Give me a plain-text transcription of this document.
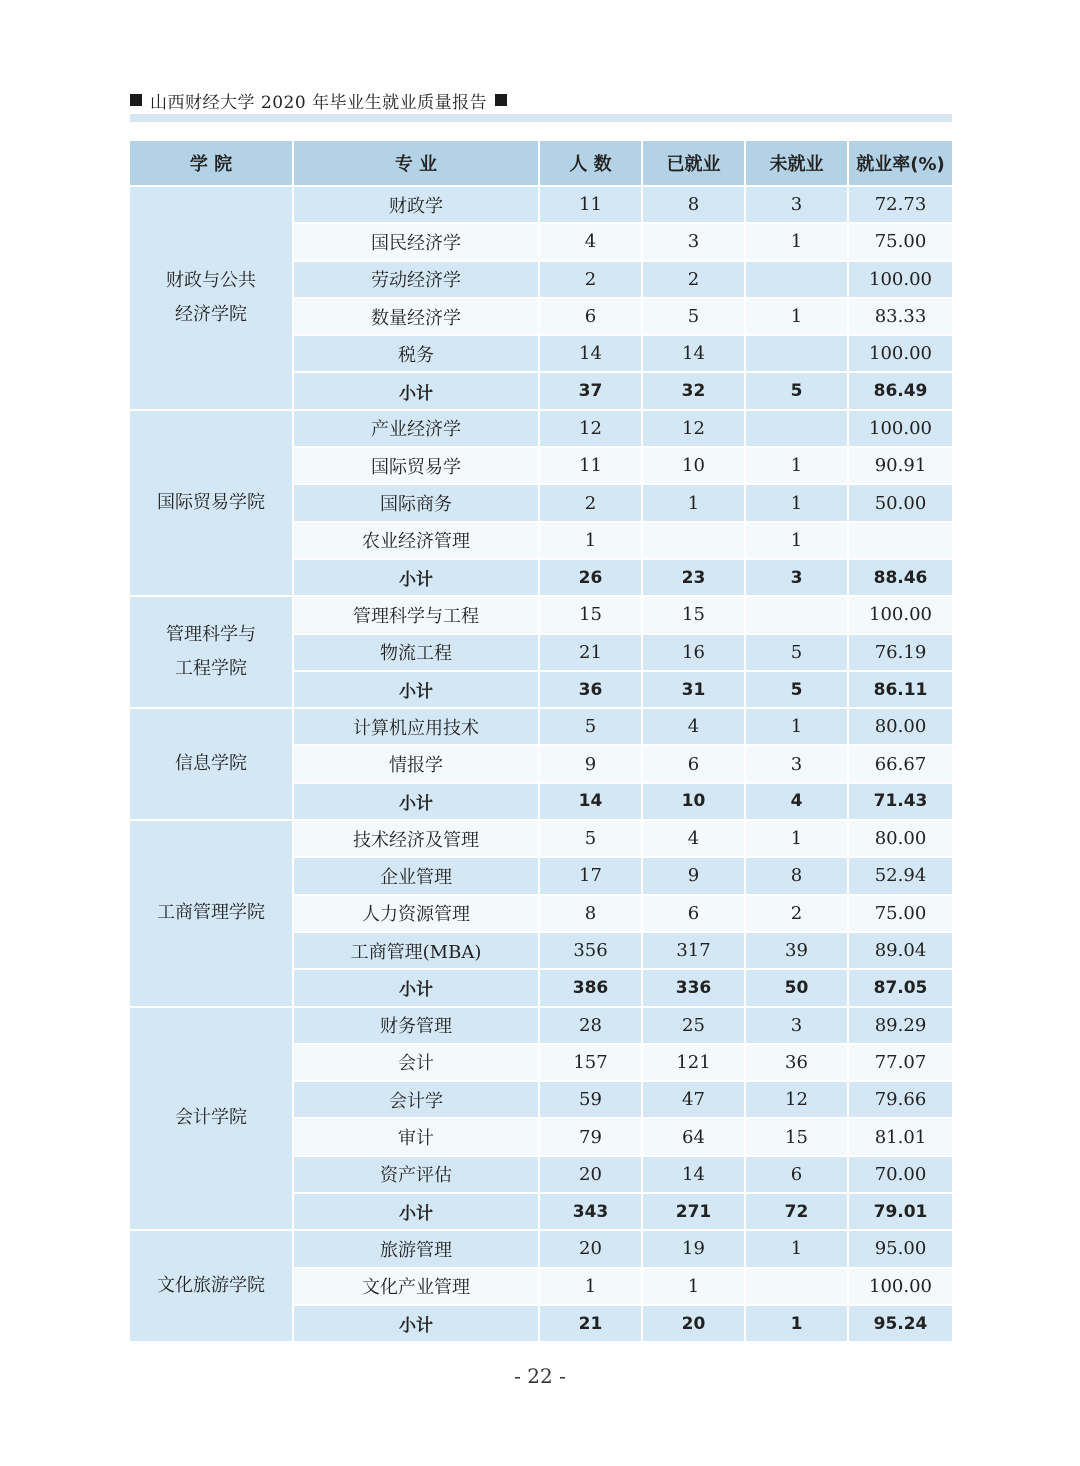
山西财经大学 2020 年毕业生就业质量报告
学 院	专 业	人 数	已就业	未就业	就业率(%)

财政与公共
经济学院	财政学	11	8	3	72.73
	国民经济学	4	3	1	75.00
	劳动经济学	2	2		100.00
	数量经济学	6	5	1	83.33
	税务	14	14		100.00
	小计	37	32	5	86.49

国际贸易学院	产业经济学	12	12		100.00
	国际贸易学	11	10	1	90.91
	国际商务	2	1	1	50.00
	农业经济管理	1		1	
	小计	26	23	3	88.46

管理科学与
工程学院	管理科学与工程	15	15		100.00
	物流工程	21	16	5	76.19
	小计	36	31	5	86.11

信息学院	计算机应用技术	5	4	1	80.00
	情报学	9	6	3	66.67
	小计	14	10	4	71.43

工商管理学院	技术经济及管理	5	4	1	80.00
	企业管理	17	9	8	52.94
	人力资源管理	8	6	2	75.00
	工商管理(MBA)	356	317	39	89.04
	小计	386	336	50	87.05

会计学院	财务管理	28	25	3	89.29
	会计	157	121	36	77.07
	会计学	59	47	12	79.66
	审计	79	64	15	81.01
	资产评估	20	14	6	70.00
	小计	343	271	72	79.01

文化旅游学院	旅游管理	20	19	1	95.00
	文化产业管理	1	1		100.00
	小计	21	20	1	95.24
- 22 -
